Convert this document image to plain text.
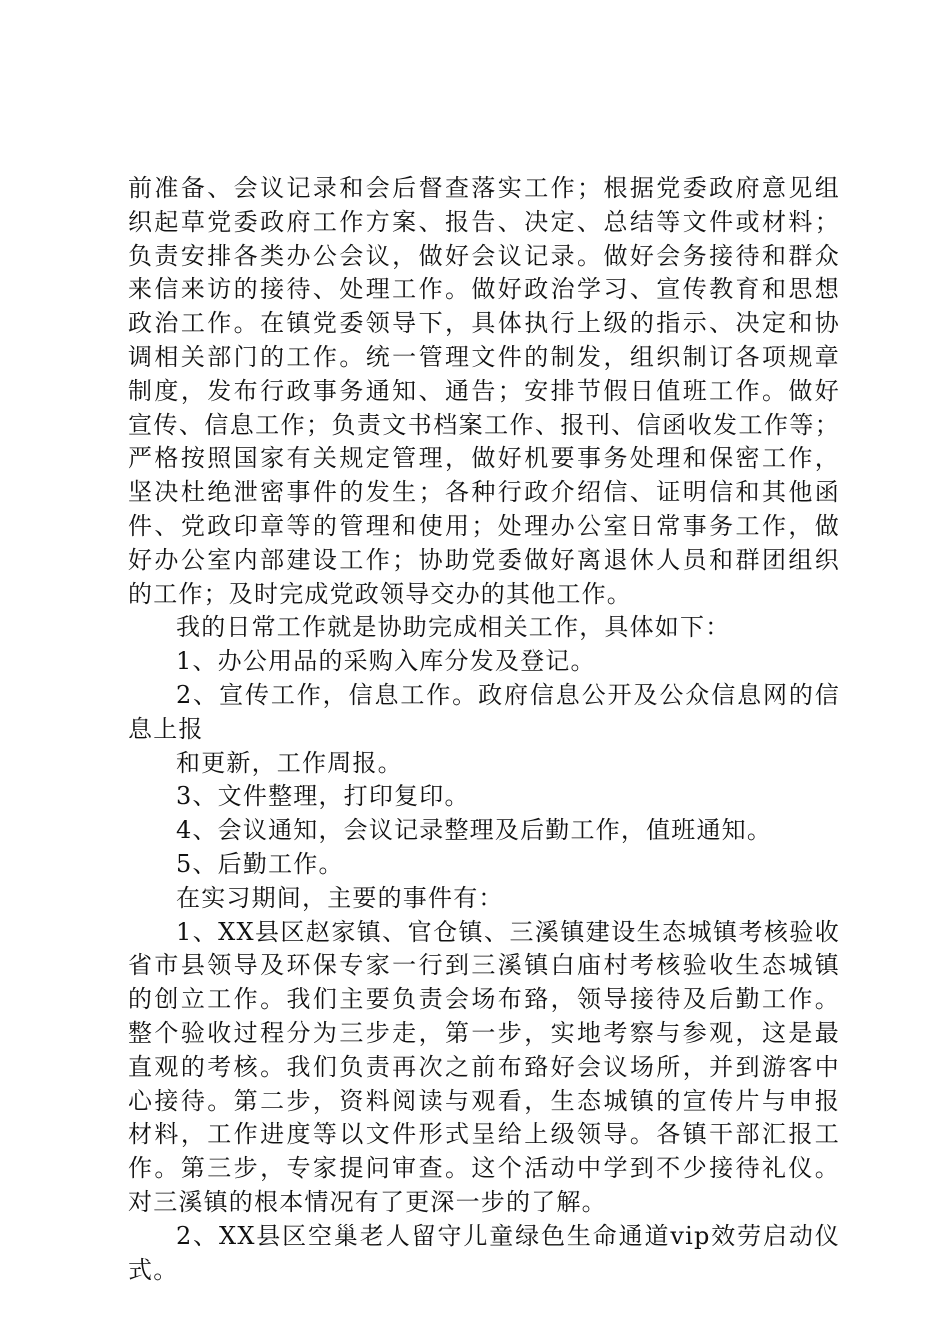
前准备、会议记录和会后督查落实工作；根据党委政府意见组
织起草党委政府工作方案、报告、决定、总结等文件或材料；
负责安排各类办公会议，做好会议记录。做好会务接待和群众
来信来访的接待、处理工作。做好政治学习、宣传教育和思想
政治工作。在镇党委领导下，具体执行上级的指示、决定和协
调相关部门的工作。统一管理文件的制发，组织制订各项规章
制度，发布行政事务通知、通告；安排节假日值班工作。做好
宣传、信息工作；负责文书档案工作、报刊、信函收发工作等；
严格按照国家有关规定管理，做好机要事务处理和保密工作，
坚决杜绝泄密事件的发生；各种行政介绍信、证明信和其他函
件、党政印章等的管理和使用；处理办公室日常事务工作，做
好办公室内部建设工作；协助党委做好离退休人员和群团组织
的工作；及时完成党政领导交办的其他工作。
我的日常工作就是协助完成相关工作，具体如下：
1、办公用品的采购入库分发及登记。
2、宣传工作，信息工作。政府信息公开及公众信息网的信
息上报
和更新，工作周报。
3、文件整理，打印复印。
4、会议通知，会议记录整理及后勤工作，值班通知。
5、后勤工作。
在实习期间，主要的事件有：
1、XX县区赵家镇、官仓镇、三溪镇建设生态城镇考核验收
省市县领导及环保专家一行到三溪镇白庙村考核验收生态城镇
的创立工作。我们主要负责会场布臵，领导接待及后勤工作。
整个验收过程分为三步走，第一步，实地考察与参观，这是最
直观的考核。我们负责再次之前布臵好会议场所，并到游客中
心接待。第二步，资料阅读与观看，生态城镇的宣传片与申报
材料，工作进度等以文件形式呈给上级领导。各镇干部汇报工
作。第三步，专家提问审查。这个活动中学到不少接待礼仪。
对三溪镇的根本情况有了更深一步的了解。
2、XX县区空巢老人留守儿童绿色生命通道vip效劳启动仪
式。
